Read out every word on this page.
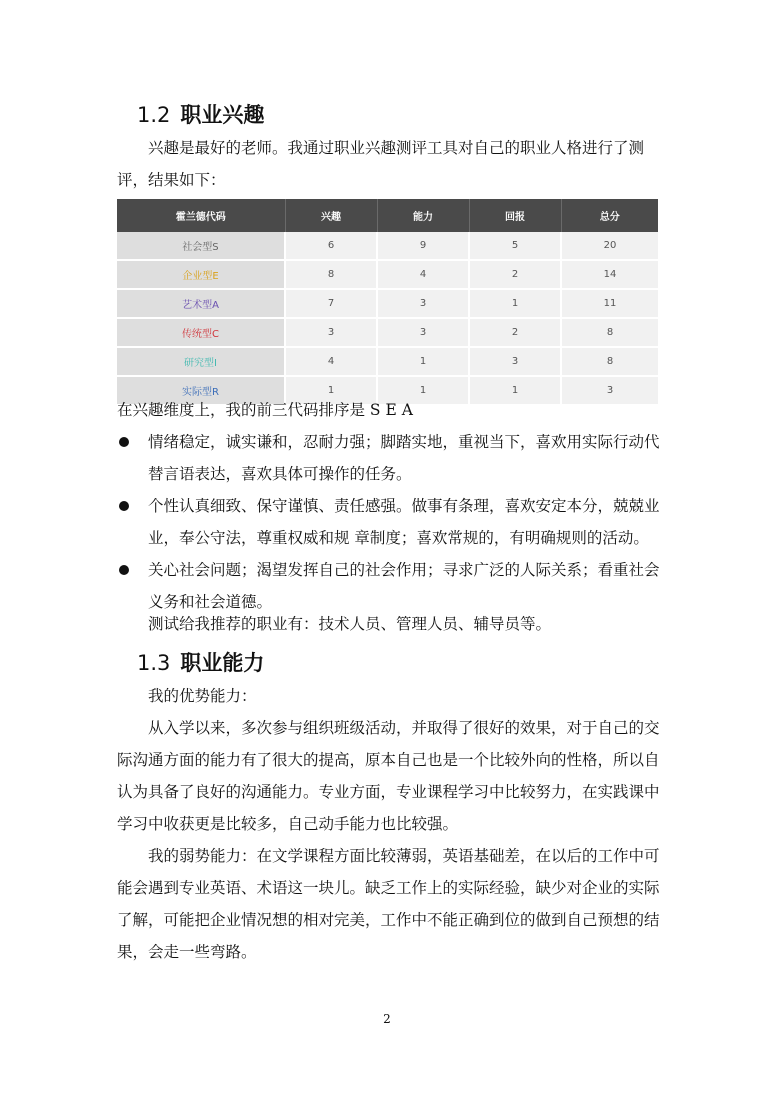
1.2 职业兴趣

兴趣是最好的老师。我通过职业兴趣测评工具对自己的职业人格进行了测评，结果如下：

霍兰德代码	兴趣	能力	回报	总分
社会型S	6	9	5	20
企业型E	8	4	2	14
艺术型A	7	3	1	11
传统型C	3	3	2	8
研究型I	4	1	3	8
实际型R	1	1	1	3

在兴趣维度上，我的前三代码排序是 S E A

情绪稳定，诚实谦和，忍耐力强；脚踏实地，重视当下，喜欢用实际行动代替言语表达，喜欢具体可操作的任务。
个性认真细致、保守谨慎、责任感强。做事有条理，喜欢安定本分，兢兢业业，奉公守法，尊重权威和规 章制度；喜欢常规的，有明确规则的活动。
关心社会问题；渴望发挥自己的社会作用；寻求广泛的人际关系；看重社会义务和社会道德。

测试给我推荐的职业有：技术人员、管理人员、辅导员等。

1.3 职业能力

我的优势能力：

从入学以来，多次参与组织班级活动，并取得了很好的效果，对于自己的交际沟通方面的能力有了很大的提高，原本自己也是一个比较外向的性格，所以自认为具备了良好的沟通能力。专业方面，专业课程学习中比较努力，在实践课中学习中收获更是比较多，自己动手能力也比较强。

我的弱势能力：在文学课程方面比较薄弱，英语基础差，在以后的工作中可能会遇到专业英语、术语这一块儿。缺乏工作上的实际经验，缺少对企业的实际了解，可能把企业情况想的相对完美，工作中不能正确到位的做到自己预想的结果，会走一些弯路。

2
